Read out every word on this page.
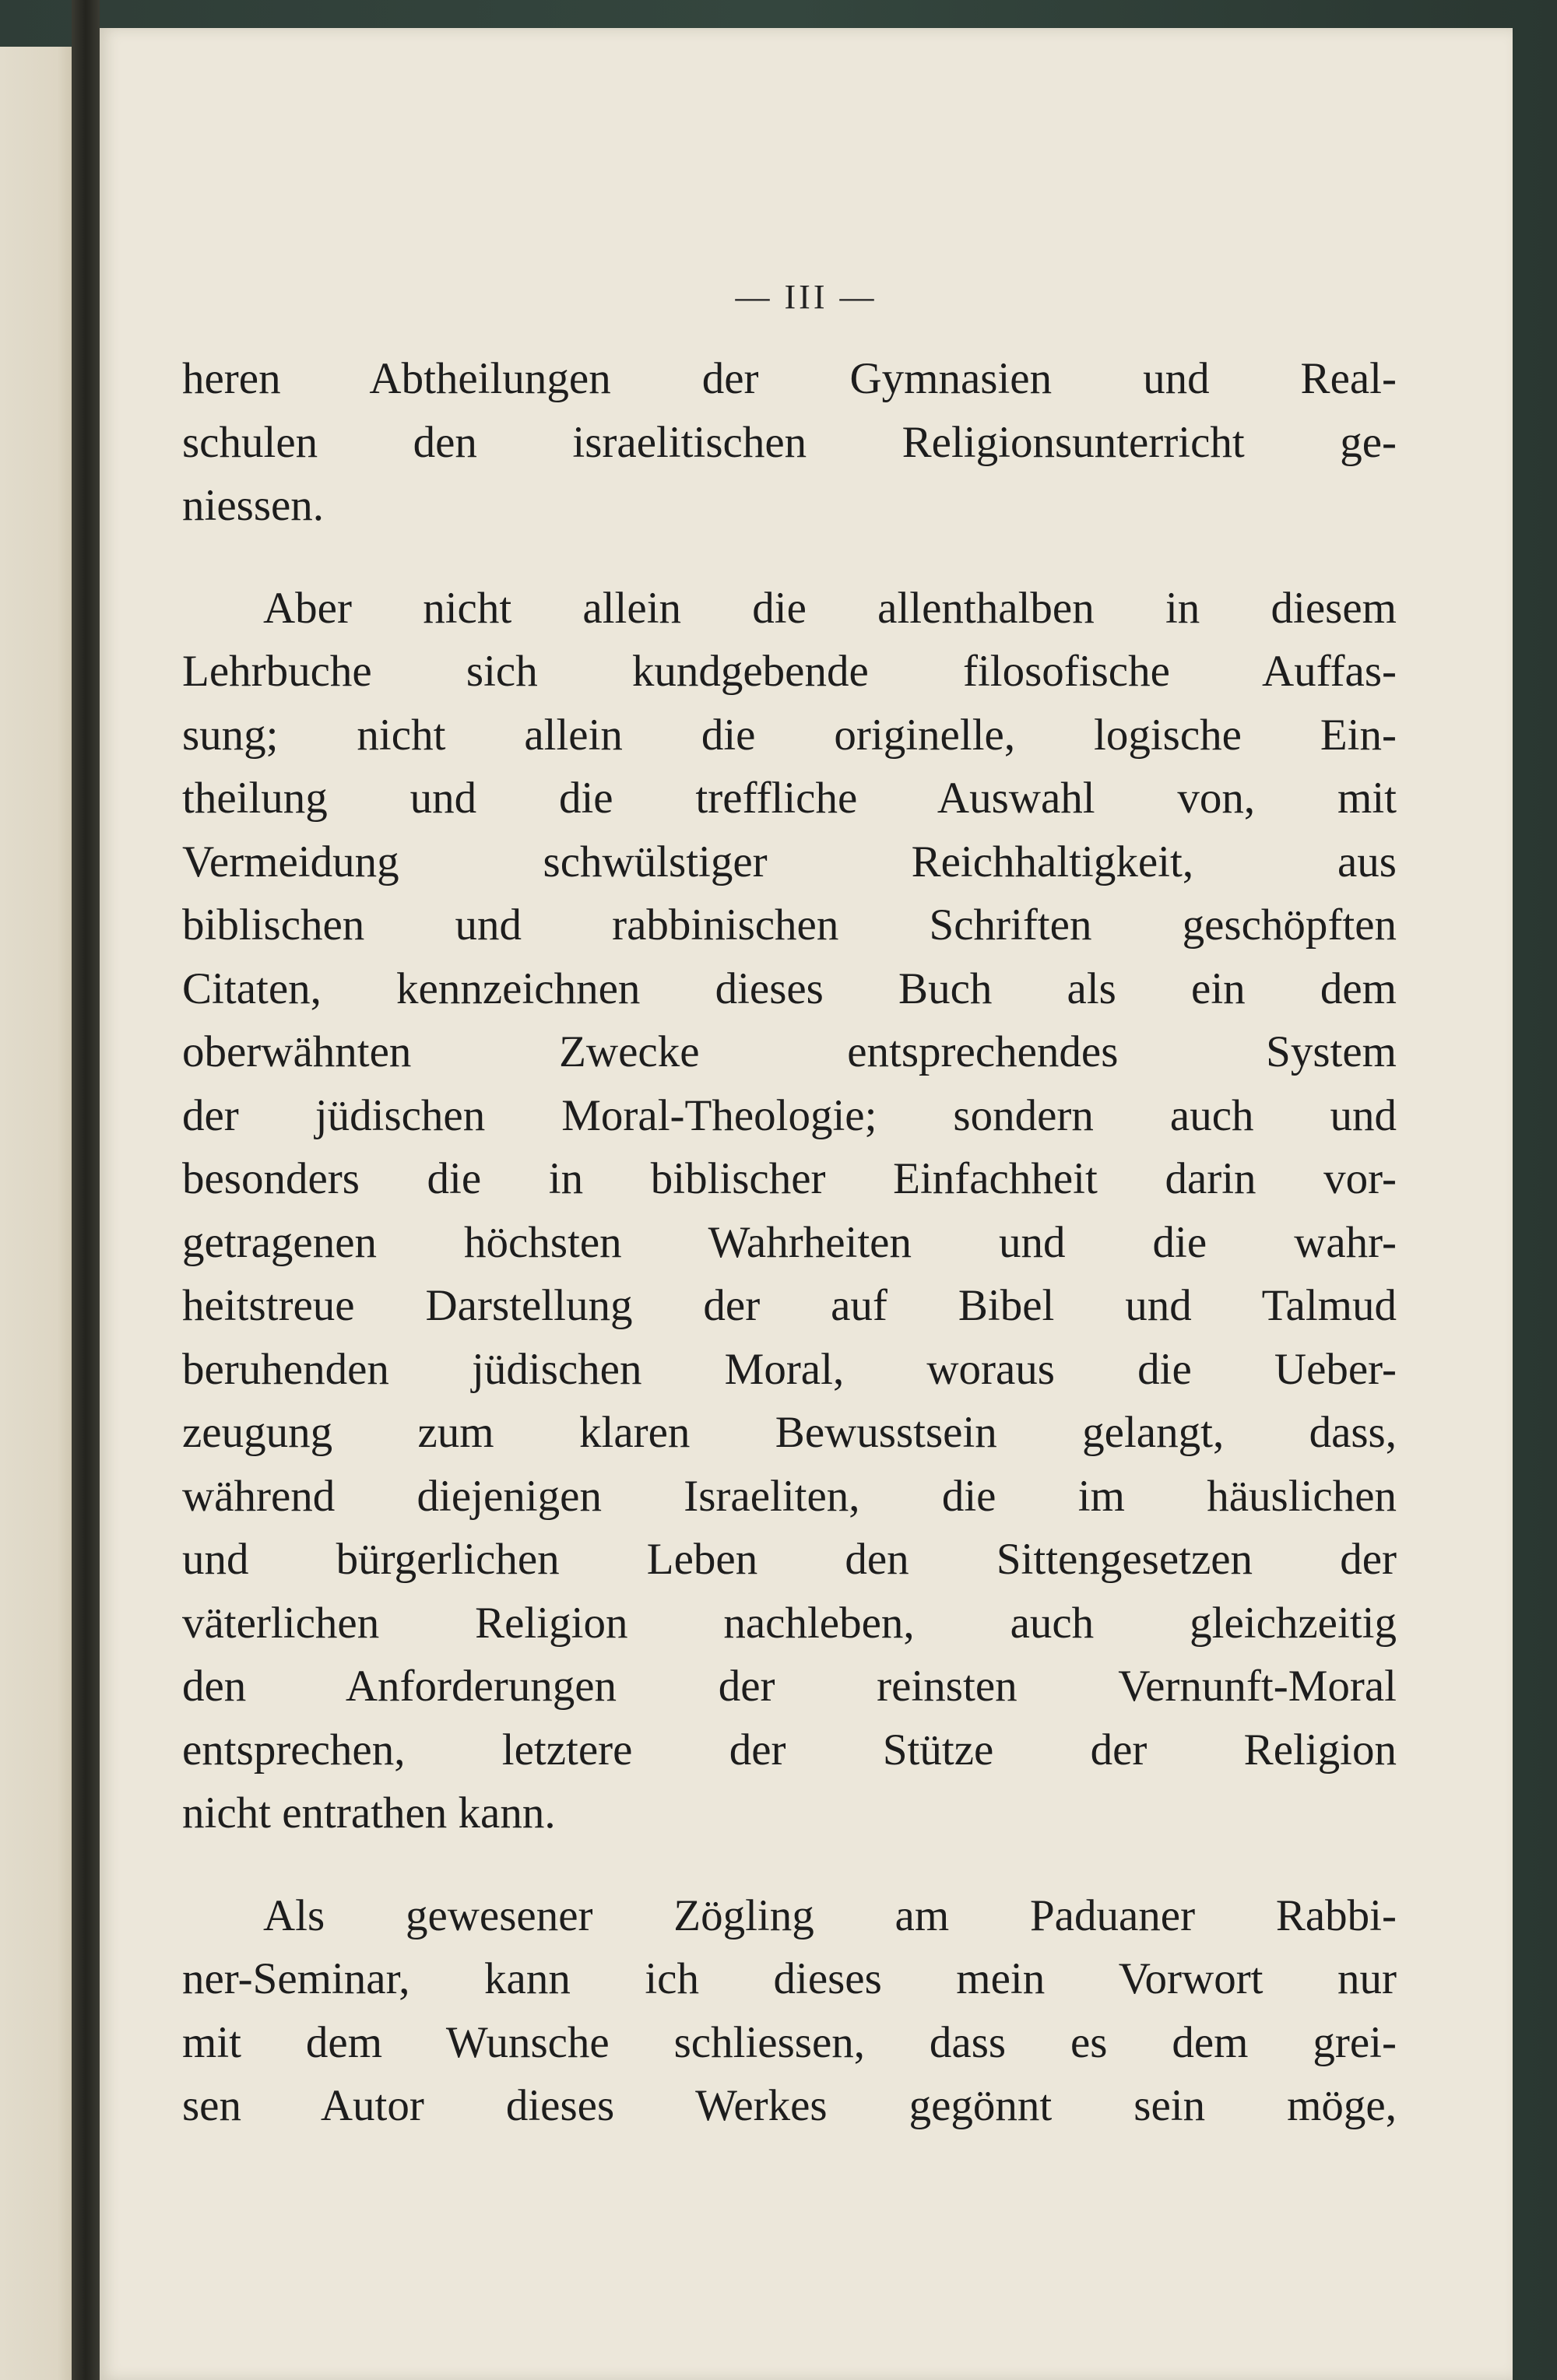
— III —

heren Abtheilungen der Gymnasien und Real-
schulen den israelitischen Religionsunterricht ge-
niessen.

Aber nicht allein die allenthalben in diesem
Lehrbuche sich kundgebende filosofische Auffas-
sung; nicht allein die originelle, logische Ein-
theilung und die treffliche Auswahl von, mit
Vermeidung schwülstiger Reichhaltigkeit, aus
biblischen und rabbinischen Schriften geschöpften
Citaten, kennzeichnen dieses Buch als ein dem
oberwähnten Zwecke entsprechendes System
der jüdischen Moral-Theologie; sondern auch und
besonders die in biblischer Einfachheit darin vor-
getragenen höchsten Wahrheiten und die wahr-
heitstreue Darstellung der auf Bibel und Talmud
beruhenden jüdischen Moral, woraus die Ueber-
zeugung zum klaren Bewusstsein gelangt, dass,
während diejenigen Israeliten, die im häuslichen
und bürgerlichen Leben den Sittengesetzen der
väterlichen Religion nachleben, auch gleichzeitig
den Anforderungen der reinsten Vernunft-Moral
entsprechen, letztere der Stütze der Religion
nicht entrathen kann.

Als gewesener Zögling am Paduaner Rabbi-
ner-Seminar, kann ich dieses mein Vorwort nur
mit dem Wunsche schliessen, dass es dem grei-
sen Autor dieses Werkes gegönnt sein möge,
